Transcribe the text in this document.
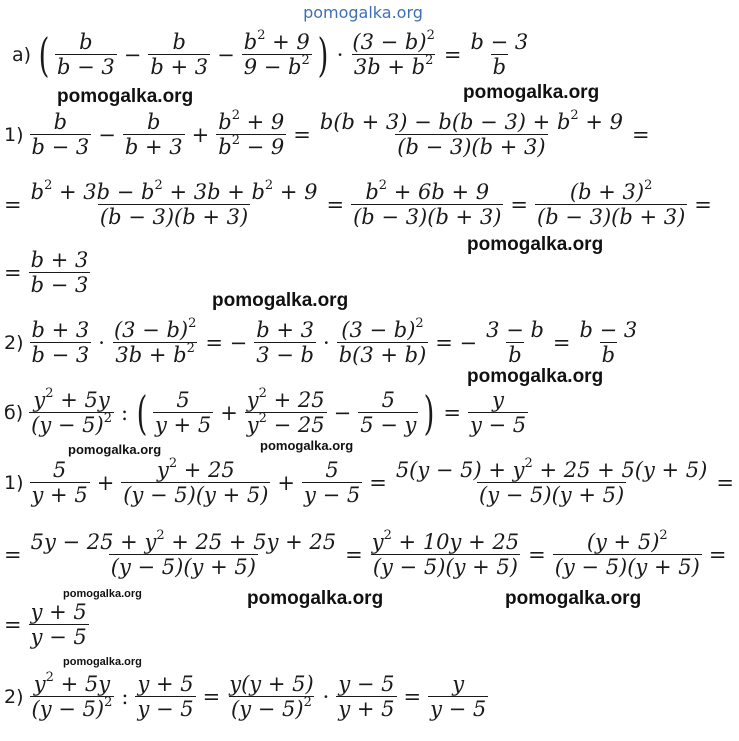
pomogalka.org
а) ( $\frac{b}{b - 3} - \frac{b}{b + 3} - \frac{b^2 + 9}{9 - b^2}$ ) · $\frac{(3 - b)^2}{3b + b^2} = \frac{b - 3}{b}$
$1) \frac{b}{b - 3} - \frac{b}{b + 3} + \frac{b^2 + 9}{b^2 - 9} = \frac{b(b + 3) - b(b - 3) + b^2 + 9}{(b - 3)(b + 3)}$ =
= $\frac{b^2 + 3b - b^2 + 3b + b^2 + 9}{(b - 3)(b + 3)} = \frac{b^2 + 6b + 9}{(b - 3)(b + 3)} = \frac{(b + 3)^2}{(b - 3)(b + 3)}$ =
= $\frac{b + 3}{b - 3}$
$2) \frac{b + 3}{b - 3} \cdot \frac{(3 - b)^2}{3b + b^2}$ = − $\frac{b + 3}{3 - b} \cdot \frac{(3 - b)^2}{b(3 + b)}$ = − $\frac{3 - b}{b} = \frac{b - 3}{b}$
$б) \frac{y^2 + 5y}{(y - 5)^2}$ : ( $\frac{5}{y + 5} + \frac{y^2 + 25}{y^2 - 25} - \frac{5}{5 - y}$ ) = $\frac{y}{y - 5}$
$1) \frac{5}{y + 5} + \frac{y^2 + 25}{(y - 5)(y + 5)} + \frac{5}{y - 5} = \frac{5(y - 5) + y^2 + 25 + 5(y + 5)}{(y - 5)(y + 5)}$ =
= $\frac{5y - 25 + y^2 + 25 + 5y + 25}{(y - 5)(y + 5)} = \frac{y^2 + 10y + 25}{(y - 5)(y + 5)} = \frac{(y + 5)^2}{(y - 5)(y + 5)}$ =
= $\frac{y + 5}{y - 5}$
$2) \frac{y^2 + 5y}{(y - 5)^2}$ : $\frac{y + 5}{y - 5} = \frac{y(y + 5)}{(y - 5)^2} \cdot \frac{y - 5}{y + 5} = \frac{y}{y - 5}$
pomogalka.org	pomogalka.org
pomogalka.org
pomogalka.org
pomogalka.org
pomogalka.org	pomogalka.org
pomogalka.org	pomogalka.org	pomogalka.org
pomogalka.org
